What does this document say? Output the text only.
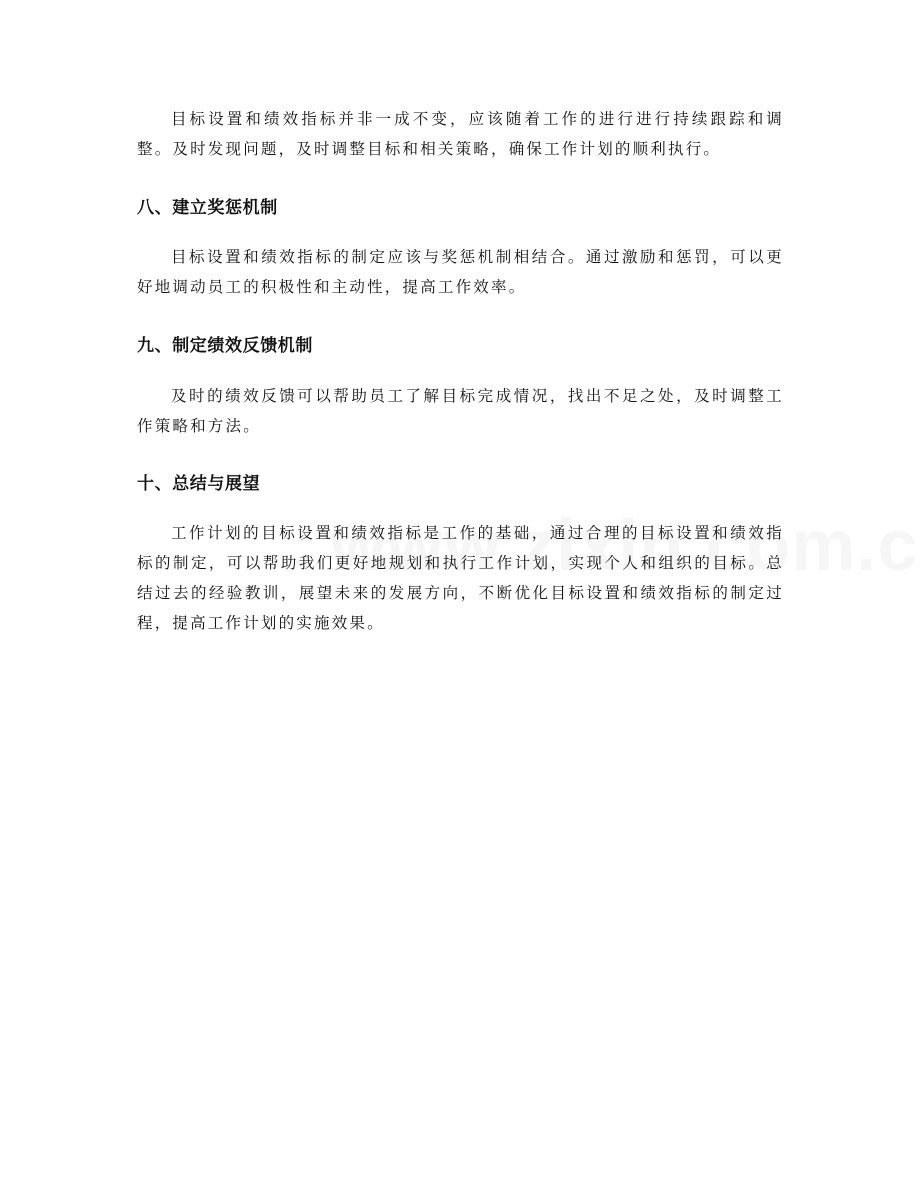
目标设置和绩效指标并非一成不变，应该随着工作的进行进行持续跟踪和调整。及时发现问题，及时调整目标和相关策略，确保工作计划的顺利执行。

八、建立奖惩机制

目标设置和绩效指标的制定应该与奖惩机制相结合。通过激励和惩罚，可以更好地调动员工的积极性和主动性，提高工作效率。

九、制定绩效反馈机制

及时的绩效反馈可以帮助员工了解目标完成情况，找出不足之处，及时调整工作策略和方法。

十、总结与展望

工作计划的目标设置和绩效指标是工作的基础，通过合理的目标设置和绩效指标的制定，可以帮助我们更好地规划和执行工作计划，实现个人和组织的目标。总结过去的经验教训，展望未来的发展方向，不断优化目标设置和绩效指标的制定过程，提高工作计划的实施效果。
